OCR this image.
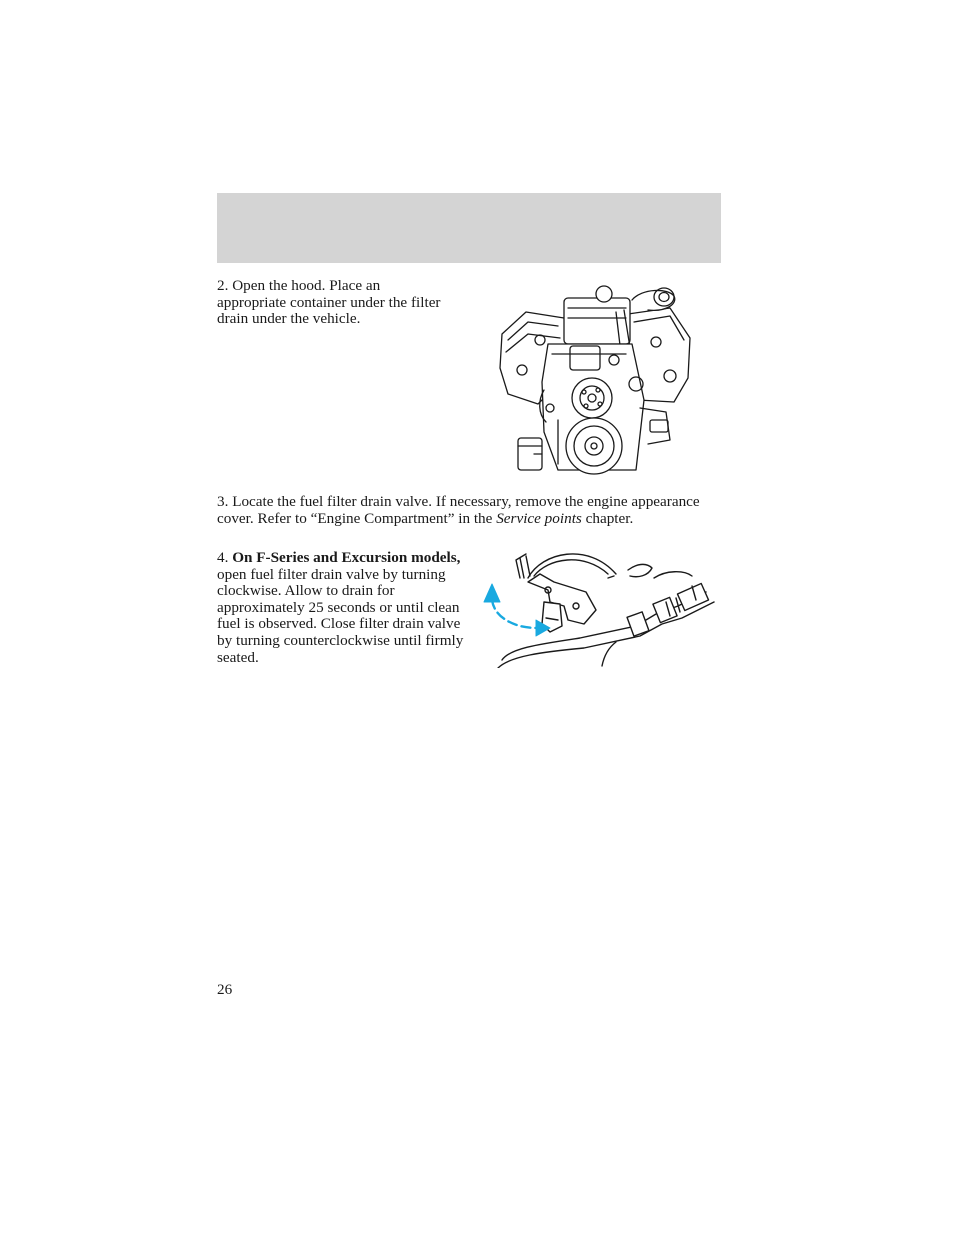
2. Open the hood. Place an appropriate container under the filter drain under the vehicle.

3. Locate the fuel filter drain valve. If necessary, remove the engine appearance cover. Refer to “Engine Compartment” in the Service points chapter.

4. On F-Series and Excursion models, open fuel filter drain valve by turning clockwise. Allow to drain for approximately 25 seconds or until clean fuel is observed. Close filter drain valve by turning counterclockwise until firmly seated.

26
